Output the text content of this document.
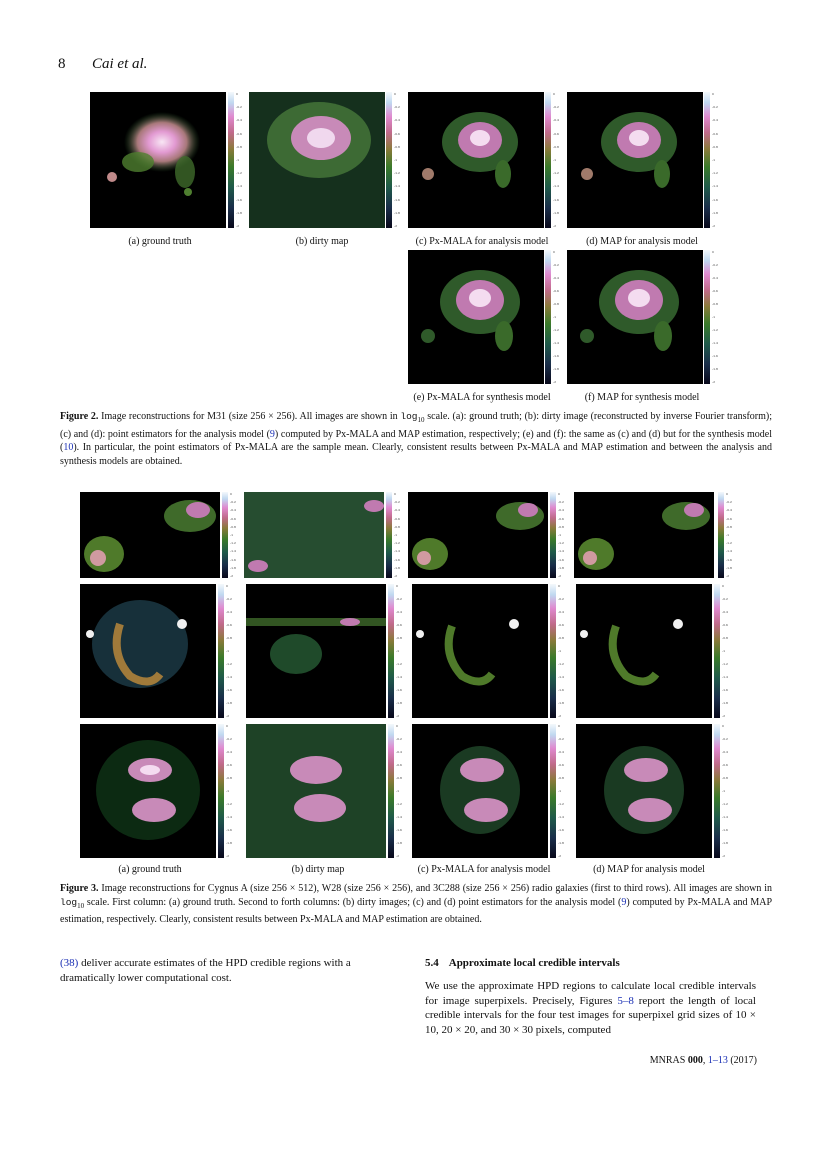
8 Cai et al.
(a) ground truth	(b) dirty map	(c) Px-MALA for analysis model	(d) MAP for analysis model
(e) Px-MALA for synthesis model	(f) MAP for synthesis model
Figure 2. Image reconstructions for M31 (size 256 × 256). All images are shown in $\log_{10}$ scale. (a): ground truth; (b): dirty image (reconstructed by inverse Fourier transform); (c) and (d): point estimators for the analysis model (9) computed by Px-MALA and MAP estimation, respectively; (e) and (f): the same as (c) and (d) but for the synthesis model (10). In particular, the point estimators of Px-MALA are the sample mean. Clearly, consistent results between Px-MALA and MAP estimation and between the analysis and synthesis models are obtained.
(a) ground truth	(b) dirty map	(c) Px-MALA for analysis model	(d) MAP for analysis model
Figure 3. Image reconstructions for Cygnus A (size 256 × 512), W28 (size 256 × 256), and 3C288 (size 256 × 256) radio galaxies (first to third rows). All images are shown in $\log_{10}$ scale. First column: (a) ground truth. Second to forth columns: (b) dirty images; (c) and (d) point estimators for the analysis model (9) computed by Px-MALA and MAP estimation, respectively. Clearly, consistent results between Px-MALA and MAP estimation are obtained.
(38) deliver accurate estimates of the HPD credible regions with a dramatically lower computational cost.
5.4 Approximate local credible intervals
We use the approximate HPD regions to calculate local credible intervals for image superpixels. Precisely, Figures 5–8 report the length of local credible intervals for the four test images for superpixel grid sizes of 10 × 10, 20 × 20, and 30 × 30 pixels, computed
MNRAS 000, 1–13 (2017)
0
-0.2
-0.4
-0.6
-0.8
-1
-1.2
-1.4
-1.6
-1.8
-2
0
-0.2
-0.4
-0.6
-0.8
-1
-1.2
-1.4
-1.6
-1.8
-2
0
-0.2
-0.4
-0.6
-0.8
-1
-1.2
-1.4
-1.6
-1.8
-2
0
-0.2
-0.4
-0.6
-0.8
-1
-1.2
-1.4
-1.6
-1.8
-2
0
-0.2
-0.4
-0.6
-0.8
-1
-1.2
-1.4
-1.6
-1.8
-2
0
-0.2
-0.4
-0.6
-0.8
-1
-1.2
-1.4
-1.6
-1.8
-2
0
-0.2
-0.4
-0.6
-0.8
-1
-1.2
-1.4
-1.6
-1.8
-2
0
-0.2
-0.4
-0.6
-0.8
-1
-1.2
-1.4
-1.6
-1.8
-2
0
-0.2
-0.4
-0.6
-0.8
-1
-1.2
-1.4
-1.6
-1.8
-2
0
-0.2
-0.4
-0.6
-0.8
-1
-1.2
-1.4
-1.6
-1.8
-2
0
-0.2
-0.4
-0.6
-0.8
-1
-1.2
-1.4
-1.6
-1.8
-2
0
-0.2
-0.4
-0.6
-0.8
-1
-1.2
-1.4
-1.6
-1.8
-2
0
-0.2
-0.4
-0.6
-0.8
-1
-1.2
-1.4
-1.6
-1.8
-2
0
-0.2
-0.4
-0.6
-0.8
-1
-1.2
-1.4
-1.6
-1.8
-2
0
-0.2
-0.4
-0.6
-0.8
-1
-1.2
-1.4
-1.6
-1.8
-2
0
-0.2
-0.4
-0.6
-0.8
-1
-1.2
-1.4
-1.6
-1.8
-2
0
-0.2
-0.4
-0.6
-0.8
-1
-1.2
-1.4
-1.6
-1.8
-2
0
-0.2
-0.4
-0.6
-0.8
-1
-1.2
-1.4
-1.6
-1.8
-2
